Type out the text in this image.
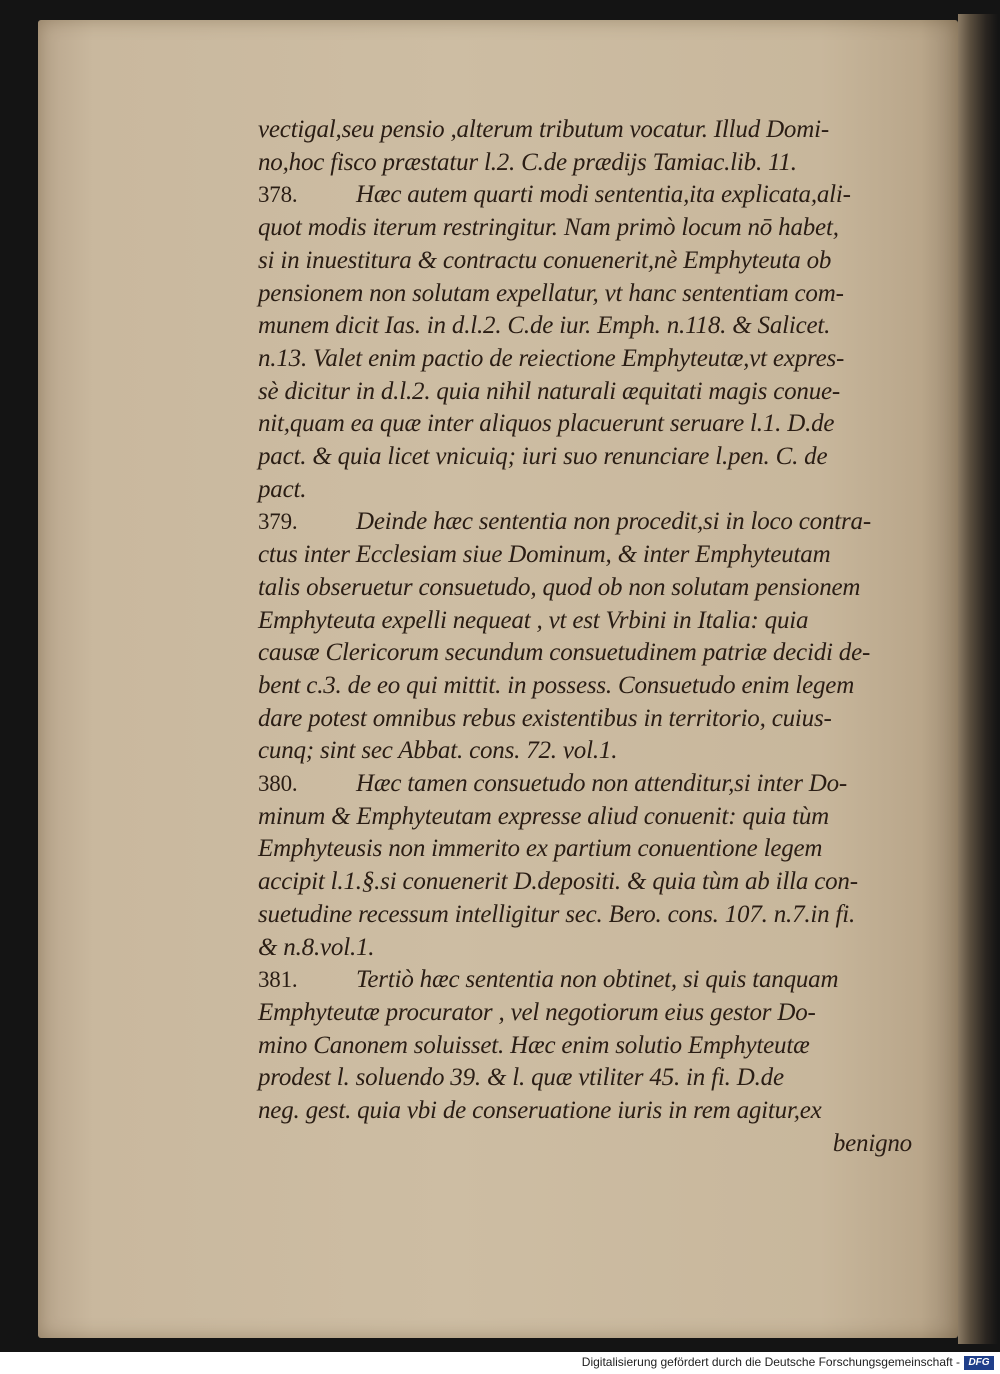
vectigal,seu pensio ,alterum tributum vocatur. Illud Domi-
no,hoc fisco præstatur l.2. C.de prædijs Tamiac.lib. 11.
378. Hæc autem quarti modi sententia,ita explicata,ali-
quot modis iterum restringitur. Nam primò locum nō habet,
si in inuestitura & contractu conuenerit,nè Emphyteuta ob
pensionem non solutam expellatur, vt hanc sententiam com-
munem dicit Ias. in d.l.2. C.de iur. Emph. n.118. & Salicet.
n.13. Valet enim pactio de reiectione Emphyteutæ,vt expres-
sè dicitur in d.l.2. quia nihil naturali æquitati magis conue-
nit,quam ea quæ inter aliquos placuerunt seruare l.1. D.de
pact. & quia licet vnicuiq; iuri suo renunciare l.pen. C. de
pact.
379. Deinde hæc sententia non procedit,si in loco contra-
ctus inter Ecclesiam siue Dominum, & inter Emphyteutam
talis obseruetur consuetudo, quod ob non solutam pensionem
Emphyteuta expelli nequeat , vt est Vrbini in Italia: quia
causæ Clericorum secundum consuetudinem patriæ decidi de-
bent c.3. de eo qui mittit. in possess. Consuetudo enim legem
dare potest omnibus rebus existentibus in territorio, cuius-
cunq; sint sec Abbat. cons. 72. vol.1.
380. Hæc tamen consuetudo non attenditur,si inter Do-
minum & Emphyteutam expresse aliud conuenit: quia tùm
Emphyteusis non immerito ex partium conuentione legem
accipit l.1.§.si conuenerit D.depositi. & quia tùm ab illa con-
suetudine recessum intelligitur sec. Bero. cons. 107. n.7.in fi.
& n.8.vol.1.
381. Tertiò hæc sententia non obtinet, si quis tanquam
Emphyteutæ procurator , vel negotiorum eius gestor Do-
mino Canonem soluisset. Hæc enim solutio Emphyteutæ
prodest l. soluendo 39. & l. quæ vtiliter 45. in fi. D.de
neg. gest. quia vbi de conseruatione iuris in rem agitur,ex
benigno
Digitalisierung gefördert durch die Deutsche Forschungsgemeinschaft - DFG
